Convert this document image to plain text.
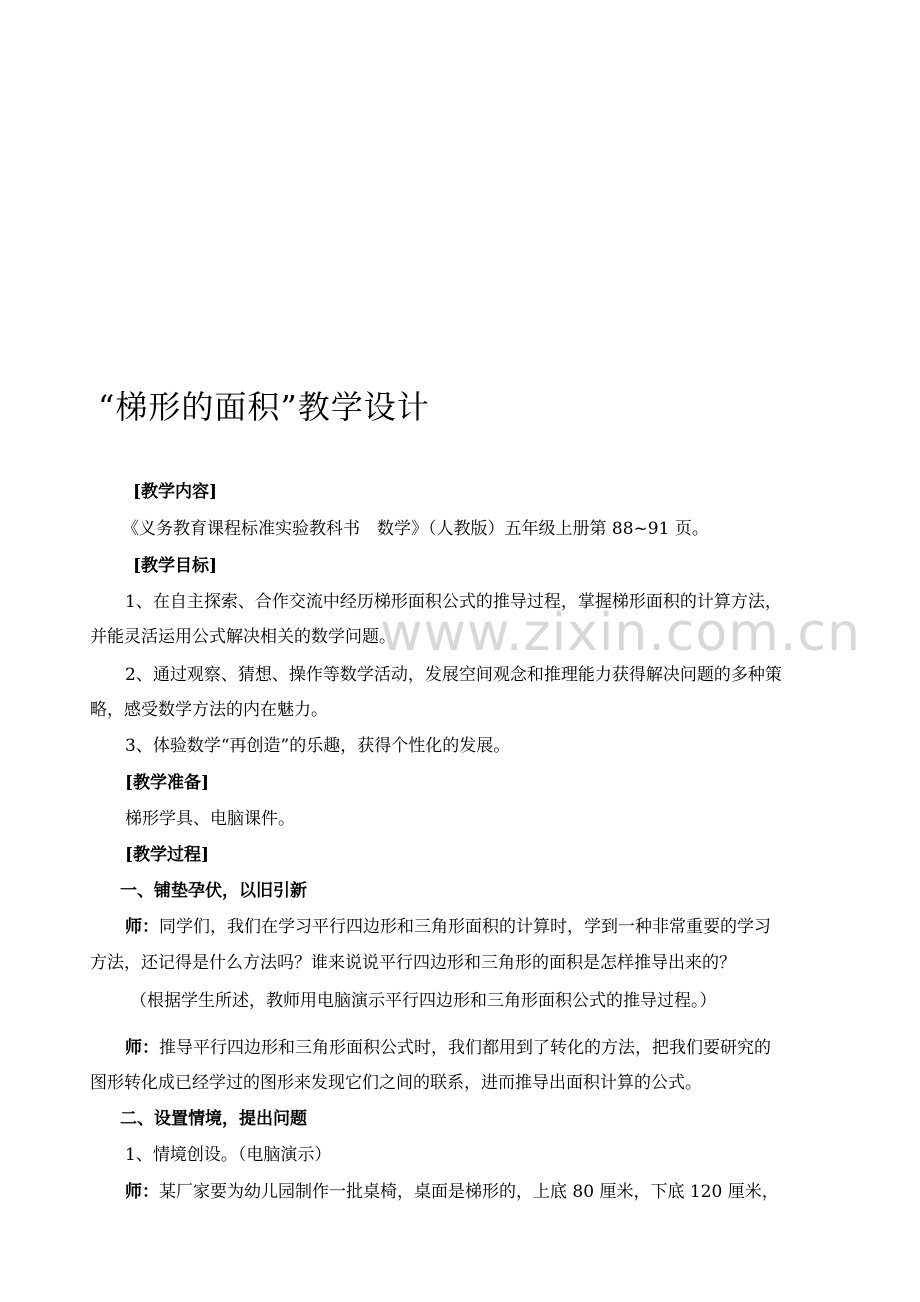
www.zixin.com.cn
“梯形的面积”教学设计
[教学内容]
《义务教育课程标准实验教科书　数学》（人教版）五年级上册第 88~91 页。
[教学目标]
1、在自主探索、合作交流中经历梯形面积公式的推导过程，掌握梯形面积的计算方法，
并能灵活运用公式解决相关的数学问题。
2、通过观察、猜想、操作等数学活动，发展空间观念和推理能力获得解决问题的多种策
略，感受数学方法的内在魅力。
3、体验数学“再创造”的乐趣，获得个性化的发展。
[教学准备]
梯形学具、电脑课件。
[教学过程]
一、铺垫孕伏，以旧引新
师：同学们，我们在学习平行四边形和三角形面积的计算时，学到一种非常重要的学习
方法，还记得是什么方法吗？谁来说说平行四边形和三角形的面积是怎样推导出来的？
（根据学生所述，教师用电脑演示平行四边形和三角形面积公式的推导过程。）
师：推导平行四边形和三角形面积公式时，我们都用到了转化的方法，把我们要研究的
图形转化成已经学过的图形来发现它们之间的联系，进而推导出面积计算的公式。
二、设置情境，提出问题
1、情境创设。（电脑演示）
师：某厂家要为幼儿园制作一批桌椅，桌面是梯形的，上底 80 厘米，下底 120 厘米，
